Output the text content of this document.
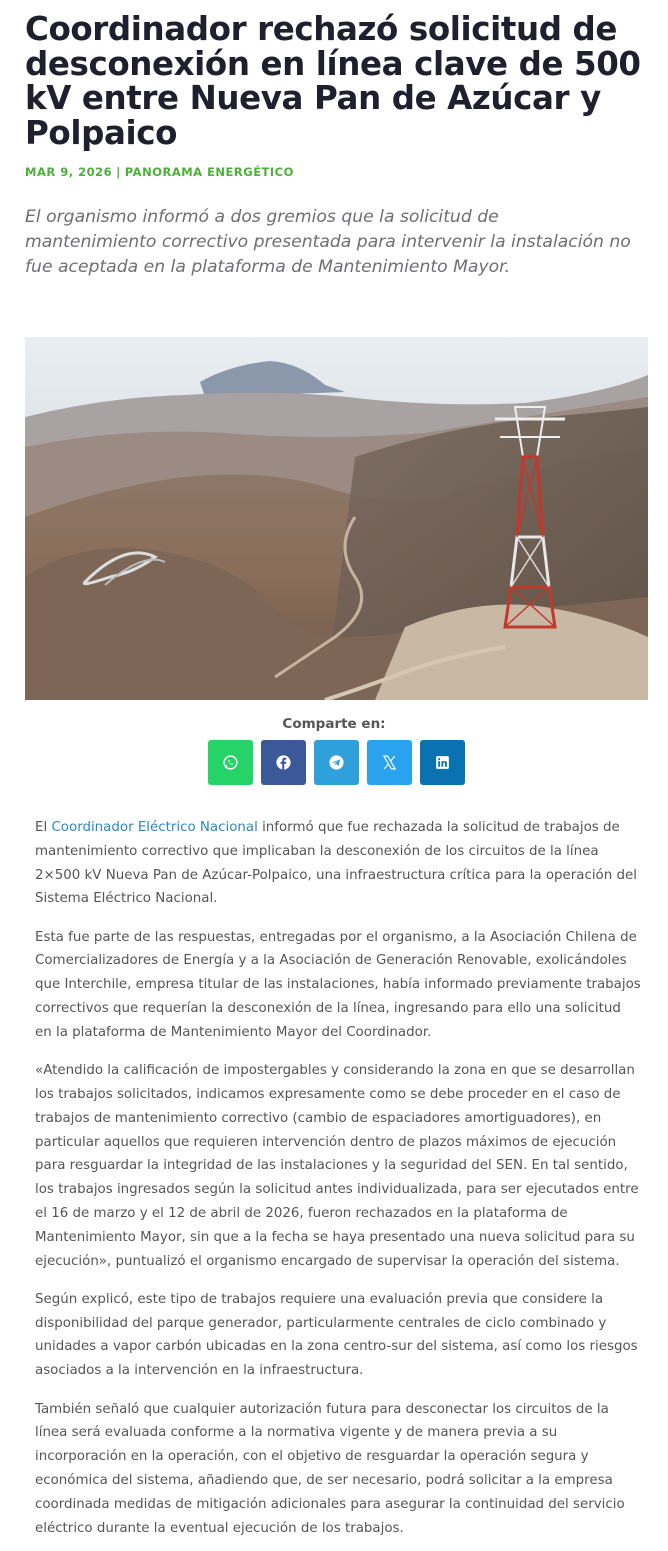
Coordinador rechazó solicitud de desconexión en línea clave de 500 kV entre Nueva Pan de Azúcar y Polpaico
MAR 9, 2026 | PANORAMA ENERGÉTICO

El organismo informó a dos gremios que la solicitud de mantenimiento correctivo presentada para intervenir la instalación no fue aceptada en la plataforma de Mantenimiento Mayor.

Comparte en:

El Coordinador Eléctrico Nacional informó que fue rechazada la solicitud de trabajos de mantenimiento correctivo que implicaban la desconexión de los circuitos de la línea 2×500 kV Nueva Pan de Azúcar-Polpaico, una infraestructura crítica para la operación del Sistema Eléctrico Nacional.

Esta fue parte de las respuestas, entregadas por el organismo, a la Asociación Chilena de Comercializadores de Energía y a la Asociación de Generación Renovable, exolicándoles que Interchile, empresa titular de las instalaciones, había informado previamente trabajos correctivos que requerían la desconexión de la línea, ingresando para ello una solicitud en la plataforma de Mantenimiento Mayor del Coordinador.

«Atendido la calificación de impostergables y considerando la zona en que se desarrollan los trabajos solicitados, indicamos expresamente como se debe proceder en el caso de trabajos de mantenimiento correctivo (cambio de espaciadores amortiguadores), en particular aquellos que requieren intervención dentro de plazos máximos de ejecución para resguardar la integridad de las instalaciones y la seguridad del SEN. En tal sentido, los trabajos ingresados según la solicitud antes individualizada, para ser ejecutados entre el 16 de marzo y el 12 de abril de 2026, fueron rechazados en la plataforma de Mantenimiento Mayor, sin que a la fecha se haya presentado una nueva solicitud para su ejecución», puntualizó el organismo encargado de supervisar la operación del sistema.

Según explicó, este tipo de trabajos requiere una evaluación previa que considere la disponibilidad del parque generador, particularmente centrales de ciclo combinado y unidades a vapor carbón ubicadas en la zona centro-sur del sistema, así como los riesgos asociados a la intervención en la infraestructura.

También señaló que cualquier autorización futura para desconectar los circuitos de la línea será evaluada conforme a la normativa vigente y de manera previa a su incorporación en la operación, con el objetivo de resguardar la operación segura y económica del sistema, añadiendo que, de ser necesario, podrá solicitar a la empresa coordinada medidas de mitigación adicionales para asegurar la continuidad del servicio eléctrico durante la eventual ejecución de los trabajos.
